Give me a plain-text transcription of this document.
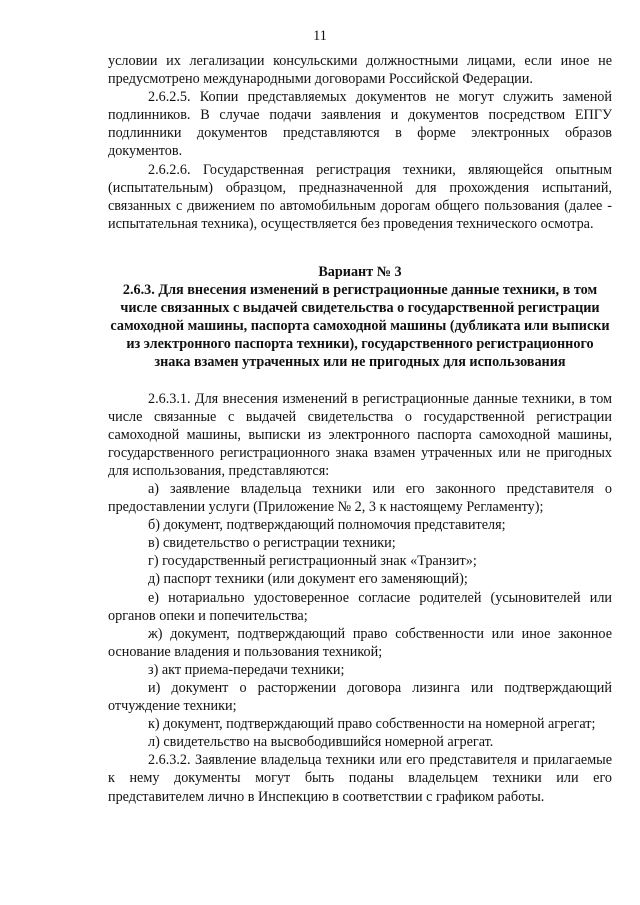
11

условии их легализации консульскими должностными лицами, если иное не предусмотрено международными договорами Российской Федерации.

2.6.2.5. Копии представляемых документов не могут служить заменой подлинников. В случае подачи заявления и документов посредством ЕПГУ подлинники документов представляются в форме электронных образов документов.

2.6.2.6. Государственная регистрация техники, являющейся опытным (испытательным) образцом, предназначенной для прохождения испытаний, связанных с движением по автомобильным дорогам общего пользования (далее - испытательная техника), осуществляется без проведения технического осмотра.

Вариант № 3
2.6.3. Для внесения изменений в регистрационные данные техники, в том числе связанных с выдачей свидетельства о государственной регистрации самоходной машины, паспорта самоходной машины (дубликата или выписки из электронного паспорта техники), государственного регистрационного знака взамен утраченных или не пригодных для использования

2.6.3.1. Для внесения изменений в регистрационные данные техники, в том числе связанные с выдачей свидетельства о государственной регистрации самоходной машины, выписки из электронного паспорта самоходной машины, государственного регистрационного знака взамен утраченных или не пригодных для использования, представляются:

а) заявление владельца техники или его законного представителя о предоставлении услуги (Приложение № 2, 3 к настоящему Регламенту);

б) документ, подтверждающий полномочия представителя;

в) свидетельство о регистрации техники;

г) государственный регистрационный знак «Транзит»;

д) паспорт техники (или документ его заменяющий);

е) нотариально удостоверенное согласие родителей (усыновителей или органов опеки и попечительства;

ж) документ, подтверждающий право собственности или иное законное основание владения и пользования техникой;

з) акт приема-передачи техники;

и) документ о расторжении договора лизинга или подтверждающий отчуждение техники;

к) документ, подтверждающий право собственности на номерной агрегат;

л) свидетельство на высвободившийся номерной агрегат.

2.6.3.2. Заявление владельца техники или его представителя и прилагаемые к нему документы могут быть поданы владельцем техники или его представителем лично в Инспекцию в соответствии с графиком работы.
